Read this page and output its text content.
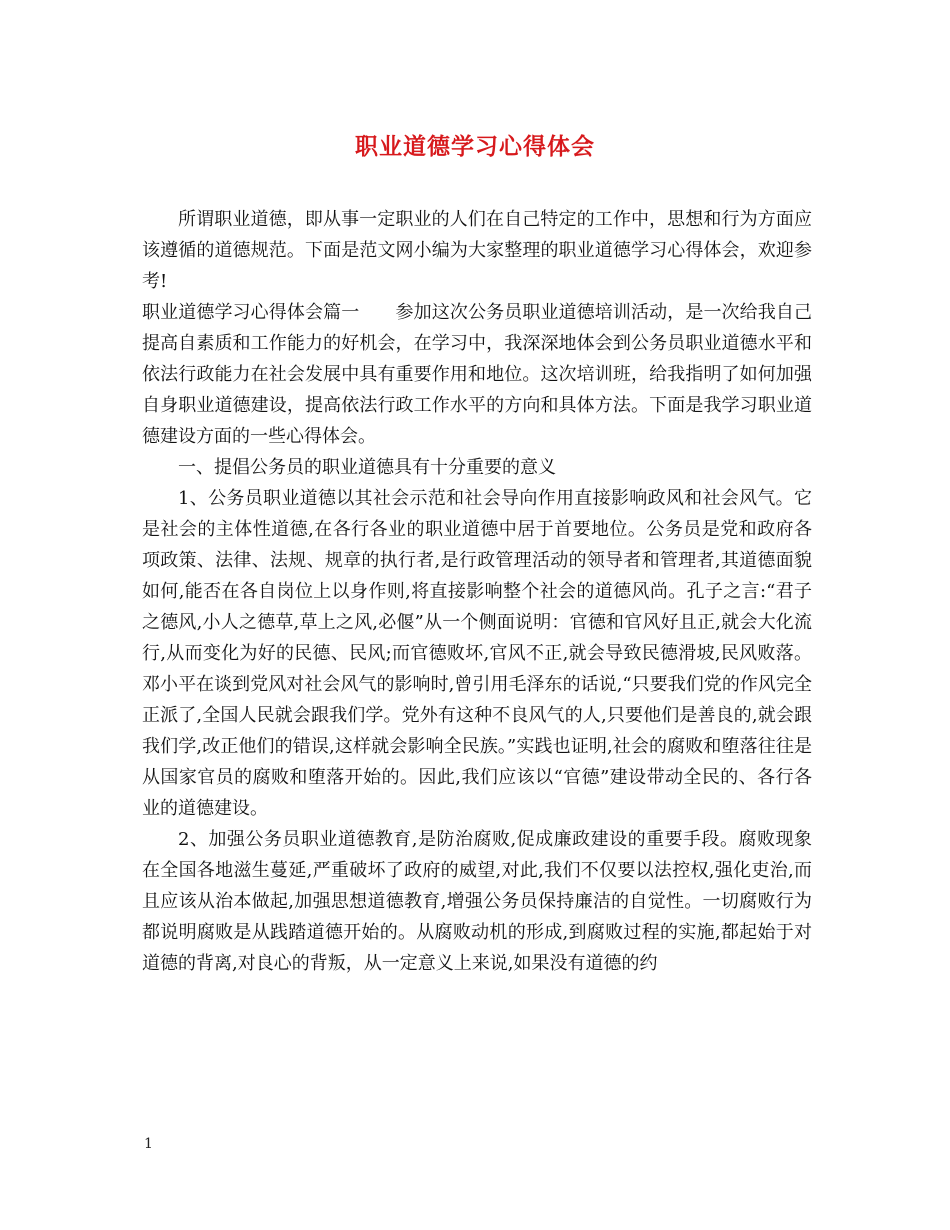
职业道德学习心得体会

所谓职业道德，即从事一定职业的人们在自己特定的工作中，思想和行为方面应该遵循的道德规范。下面是范文网小编为大家整理的职业道德学习心得体会，欢迎参考!

职业道德学习心得体会篇一　　参加这次公务员职业道德培训活动，是一次给我自己提高自素质和工作能力的好机会，在学习中，我深深地体会到公务员职业道德水平和依法行政能力在社会发展中具有重要作用和地位。这次培训班，给我指明了如何加强自身职业道德建设，提高依法行政工作水平的方向和具体方法。下面是我学习职业道德建设方面的一些心得体会。

一、提倡公务员的职业道德具有十分重要的意义

1、公务员职业道德以其社会示范和社会导向作用直接影响政风和社会风气。它是社会的主体性道德,在各行各业的职业道德中居于首要地位。公务员是党和政府各项政策、法律、法规、规章的执行者,是行政管理活动的领导者和管理者,其道德面貌如何,能否在各自岗位上以身作则,将直接影响整个社会的道德风尚。孔子之言:“君子之德风,小人之德草,草上之风,必偃”从一个侧面说明：官德和官风好且正,就会大化流行,从而变化为好的民德、民风;而官德败坏,官风不正,就会导致民德滑坡,民风败落。邓小平在谈到党风对社会风气的影响时,曾引用毛泽东的话说,“只要我们党的作风完全正派了,全国人民就会跟我们学。党外有这种不良风气的人,只要他们是善良的,就会跟我们学,改正他们的错误,这样就会影响全民族。”实践也证明,社会的腐败和堕落往往是从国家官员的腐败和堕落开始的。因此,我们应该以“官德”建设带动全民的、各行各业的道德建设。

2、加强公务员职业道德教育,是防治腐败,促成廉政建设的重要手段。腐败现象在全国各地滋生蔓延,严重破坏了政府的威望,对此,我们不仅要以法控权,强化吏治,而且应该从治本做起,加强思想道德教育,增强公务员保持廉洁的自觉性。一切腐败行为都说明腐败是从践踏道德开始的。从腐败动机的形成,到腐败过程的实施,都起始于对道德的背离,对良心的背叛，从一定意义上来说,如果没有道德的约

1
